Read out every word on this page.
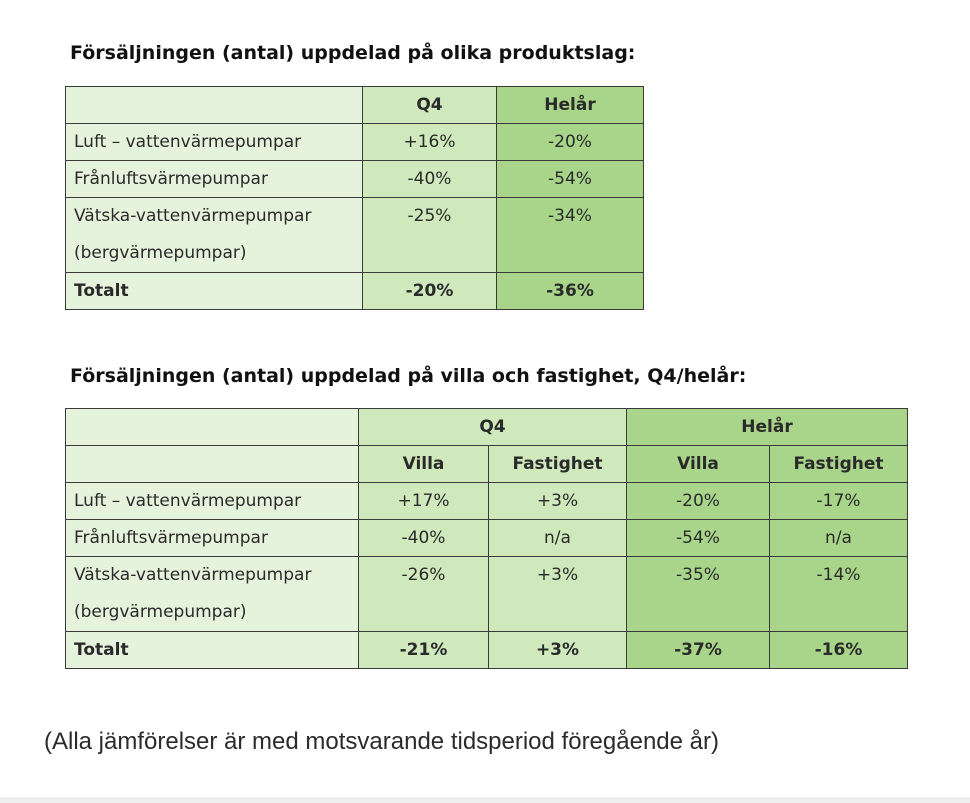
Försäljningen (antal) uppdelad på olika produktslag:
	Q4	Helår
Luft – vattenvärmepumpar	+16%	-20%
Frånluftsvärmepumpar	-40%	-54%
Vätska-vattenvärmepumpar
(bergvärmepumpar)	-25%	-34%
Totalt	-20%	-36%
Försäljningen (antal) uppdelad på villa och fastighet, Q4/helår:
	Q4		Helår	
	Villa	Fastighet	Villa	Fastighet
Luft – vattenvärmepumpar	+17%	+3%	-20%	-17%
Frånluftsvärmepumpar	-40%	n/a	-54%	n/a
Vätska-vattenvärmepumpar
(bergvärmepumpar)	-26%	+3%	-35%	-14%
Totalt	-21%	+3%	-37%	-16%

(Alla jämförelser är med motsvarande tidsperiod föregående år)
